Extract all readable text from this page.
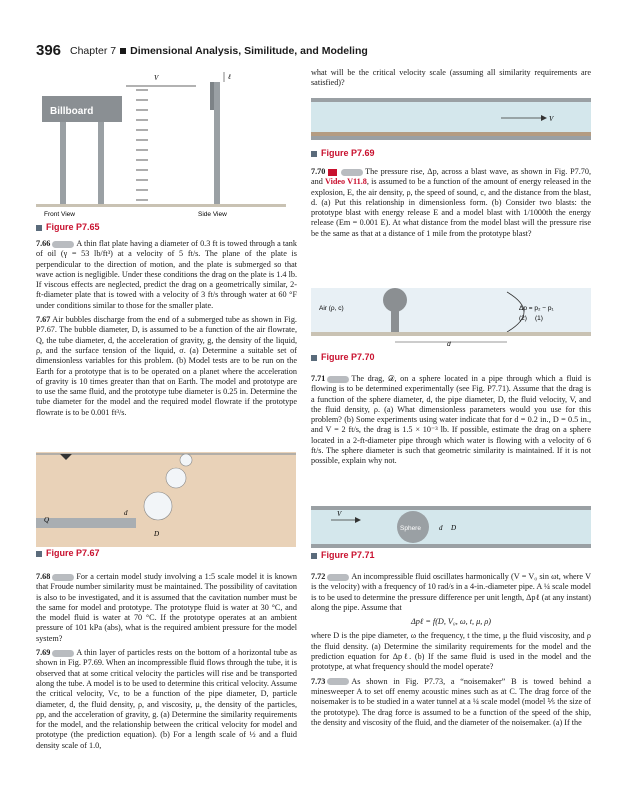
396 Chapter 7 Dimensional Analysis, Similitude, and Modeling
V
Billboard
ℓ
Front View	Side View
Figure P7.65

7.66	A thin flat plate having a diameter of 0.3 ft is towed through a tank of oil (γ = 53 lb/ft³) at a velocity of 5 ft/s. The plane of the plate is perpendicular to the direction of motion, and the plate is submerged so that wave action is negligible. Under these conditions the drag on the plate is 1.4 lb. If viscous effects are neglected, predict the drag on a geometrically similar, 2-ft-diameter plate that is towed with a velocity of 3 ft/s through water at 60 °F under conditions similar to those for the smaller plate.

7.67 Air bubbles discharge from the end of a submerged tube as shown in Fig. P7.67. The bubble diameter, D, is assumed to be a function of the air flowrate, Q, the tube diameter, d, the acceleration of gravity, g, the density of the liquid, ρ, and the surface tension of the liquid, σ. (a) Determine a suitable set of dimensionless variables for this problem. (b) Model tests are to be run on the Earth for a prototype that is to be operated on a planet where the acceleration of gravity is 10 times greater than that on Earth. The model and prototype are to use the same fluid, and the prototype tube diameter is 0.25 in. Determine the tube diameter for the model and the required model flowrate if the prototype flowrate is to be 0.001 ft³/s.

Q
d
D
Figure P7.67

7.68	For a certain model study involving a 1:5 scale model it is known that Froude number similarity must be maintained. The possibility of cavitation is also to be investigated, and it is assumed that the cavitation number must be the same for model and prototype. The prototype fluid is water at 30 °C, and the model fluid is water at 70 °C. If the prototype operates at an ambient pressure of 101 kPa (abs), what is the required ambient pressure for the model system?

7.69	A thin layer of particles rests on the bottom of a horizontal tube as shown in Fig. P7.69. When an incompressible fluid flows through the tube, it is observed that at some critical velocity the particles will rise and be transported along the tube. A model is to be used to determine this critical velocity. Assume the critical velocity, Vc, to be a function of the pipe diameter, D, particle diameter, d, the fluid density, ρ, and viscosity, μ, the density of the particles, ρp, and the acceleration of gravity, g. (a) Determine the similarity requirements for the model, and the relationship between the critical velocity for model and prototype (the prediction equation). (b) For a length scale of ½ and a fluid density scale of 1.0,

what will be the critical velocity scale (assuming all similarity requirements are satisfied)?
V
Figure P7.69

7.70	The pressure rise, Δp, across a blast wave, as shown in Fig. P7.70, and Video V11.8, is assumed to be a function of the amount of energy released in the explosion, E, the air density, ρ, the speed of sound, c, and the distance from the blast, d. (a) Put this relationship in dimensionless form. (b) Consider two blasts: the prototype blast with energy release E and a model blast with 1/1000th the energy release (Em = 0.001 E). At what distance from the model blast will the pressure rise be the same as that at a distance of 1 mile from the prototype blast?

Air (ρ, c)	Δp = p₂ − p₁
(2) (1)
d
Figure P7.70

7.71	The drag, 𝒟, on a sphere located in a pipe through which a fluid is flowing is to be determined experimentally (see Fig. P7.71). Assume that the drag is a function of the sphere diameter, d, the pipe diameter, D, the fluid velocity, V, and the fluid density, ρ. (a) What dimensionless parameters would you use for this problem? (b) Some experiments using water indicate that for d = 0.2 in., D = 0.5 in., and V = 2 ft/s, the drag is 1.5 × 10⁻³ lb. If possible, estimate the drag on a sphere located in a 2-ft-diameter pipe through which water is flowing with a velocity of 6 ft/s. The sphere diameter is such that geometric similarity is maintained. If it is not possible, explain why not.

V
Sphere	d D
Figure P7.71

7.72	An incompressible fluid oscillates harmonically (V = V₀ sin ωt, where V is the velocity) with a frequency of 10 rad/s in a 4-in.-diameter pipe. A ¼ scale model is to be used to determine the pressure difference per unit length, Δpℓ (at any instant) along the pipe. Assume that

Δpℓ = f(D, V₀, ω, t, μ, ρ)

where D is the pipe diameter, ω the frequency, t the time, μ the fluid viscosity, and ρ the fluid density. (a) Determine the similarity requirements for the model and the prediction equation for Δpℓ. (b) If the same fluid is used in the model and the prototype, at what frequency should the model operate?

7.73	As shown in Fig. P7.73, a “noisemaker” B is towed behind a minesweeper A to set off enemy acoustic mines such as at C. The drag force of the noisemaker is to be studied in a water tunnel at a ¼ scale model (model ⅕ the size of the prototype). The drag force is assumed to be a function of the speed of the ship, the density and viscosity of the fluid, and the diameter of the noisemaker. (a) If the
